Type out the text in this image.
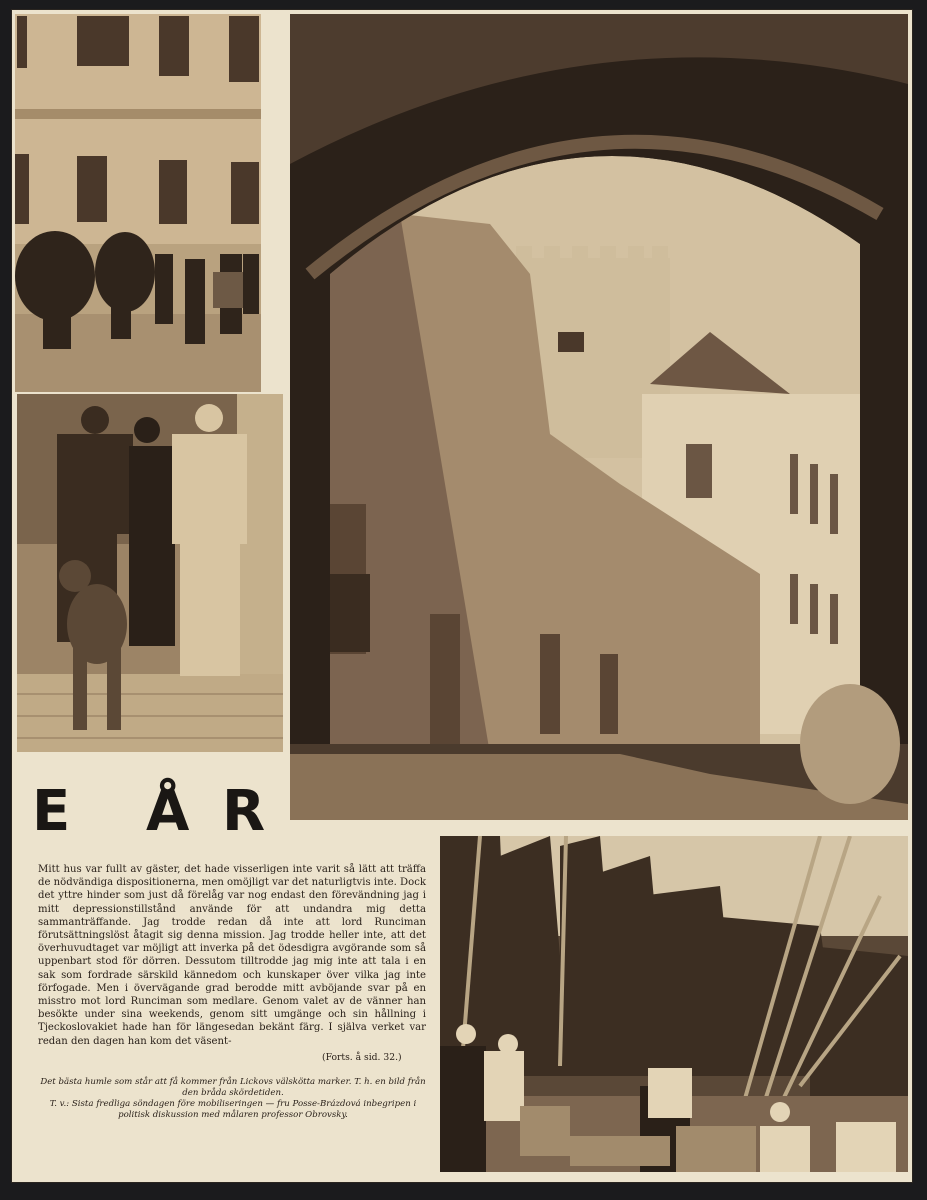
E Å R

Mitt hus var fullt av gäster, det hade visserligen inte varit så lätt att träffa de nödvändiga dispositionerna, men omöjligt var det naturligtvis inte. Dock det yttre hinder som just då förelåg var nog endast den förevändning jag i mitt depressionstillstånd använde för att undandra mig detta sammanträffande. Jag trodde redan då inte att lord Runciman förutsättningslöst åtagit sig denna mission. Jag trodde heller inte, att det överhuvudtaget var möjligt att inverka på det ödesdigra avgörande som så uppenbart stod för dörren. Dessutom tilltrodde jag mig inte att tala i en sak som fordrade särskild kännedom och kunskaper över vilka jag inte förfogade. Men i övervägande grad berodde mitt avböjande svar på en misstro mot lord Runciman som medlare. Genom valet av de vänner han besökte under sina weekends, genom sitt umgänge och sin hållning i Tjeckoslovakiet hade han för längesedan bekänt färg. I själva verket var redan den dagen han kom det väsent-

(Forts. å sid. 32.)

Det bästa humle som står att få kommer från Lickovs välskötta marker. T. h. en bild från den bråda skördetiden.

T. v.: Sista fredliga söndagen före mobiliseringen — fru Posse-Brázdová inbegripen i politisk diskussion med målaren professor Obrovsky.
